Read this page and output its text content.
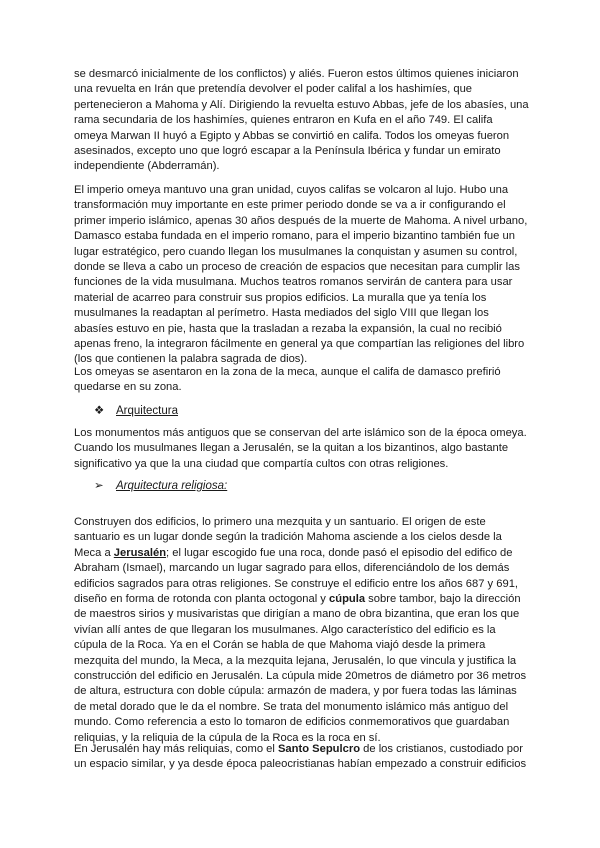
se desmarcó inicialmente de los conflictos) y aliés. Fueron estos últimos quienes iniciaron una revuelta en Irán que pretendía devolver el poder califal a los hashimíes, que pertenecieron a Mahoma y Alí. Dirigiendo la revuelta estuvo Abbas, jefe de los abasíes, una rama secundaria de los hashimíes, quienes entraron en Kufa en el año 749. El califa omeya Marwan II huyó a Egipto y Abbas se convirtió en califa. Todos los omeyas fueron asesinados, excepto uno que logró escapar a la Península Ibérica y fundar un emirato independiente (Abderramán).

El imperio omeya mantuvo una gran unidad, cuyos califas se volcaron al lujo. Hubo una transformación muy importante en este primer periodo donde se va a ir configurando el primer imperio islámico, apenas 30 años después de la muerte de Mahoma. A nivel urbano, Damasco estaba fundada en el imperio romano, para el imperio bizantino también fue un lugar estratégico, pero cuando llegan los musulmanes la conquistan y asumen su control, donde se lleva a cabo un proceso de creación de espacios que necesitan para cumplir las funciones de la vida musulmana. Muchos teatros romanos servirán de cantera para usar material de acarreo para construir sus propios edificios. La muralla que ya tenía los musulmanes la readaptan al perímetro. Hasta mediados del siglo VIII que llegan los abasíes estuvo en pie, hasta que la trasladan a rezaba la expansión, la cual no recibió apenas freno, la integraron fácilmente en general ya que compartían las religiones del libro (los que contienen la palabra sagrada de dios).

Los omeyas se asentaron en la zona de la meca, aunque el califa de damasco prefirió quedarse en su zona.

❖ Arquitectura

Los monumentos más antiguos que se conservan del arte islámico son de la época omeya. Cuando los musulmanes llegan a Jerusalén, se la quitan a los bizantinos, algo bastante significativo ya que la una ciudad que compartía cultos con otras religiones.

➢ Arquitectura religiosa:

Construyen dos edificios, lo primero una mezquita y un santuario. El origen de este santuario es un lugar donde según la tradición Mahoma asciende a los cielos desde la Meca a Jerusalén; el lugar escogido fue una roca, donde pasó el episodio del edifico de Abraham (Ismael), marcando un lugar sagrado para ellos, diferenciándolo de los demás edificios sagrados para otras religiones. Se construye el edificio entre los años 687 y 691, diseño en forma de rotonda con planta octogonal y cúpula sobre tambor, bajo la dirección de maestros sirios y musivaristas que dirigían a mano de obra bizantina, que eran los que vivían allí antes de que llegaran los musulmanes. Algo característico del edificio es la cúpula de la Roca. Ya en el Corán se habla de que Mahoma viajó desde la primera mezquita del mundo, la Meca, a la mezquita lejana, Jerusalén, lo que vincula y justifica la construcción del edificio en Jerusalén. La cúpula mide 20metros de diámetro por 36 metros de altura, estructura con doble cúpula: armazón de madera, y por fuera todas las láminas de metal dorado que le da el nombre. Se trata del monumento islámico más antiguo del mundo. Como referencia a esto lo tomaron de edificios conmemorativos que guardaban reliquias, y la reliquia de la cúpula de la Roca es la roca en sí.

En Jerusalén hay más reliquias, como el Santo Sepulcro de los cristianos, custodiado por un espacio similar, y ya desde época paleocristianas habían empezado a construir edificios
